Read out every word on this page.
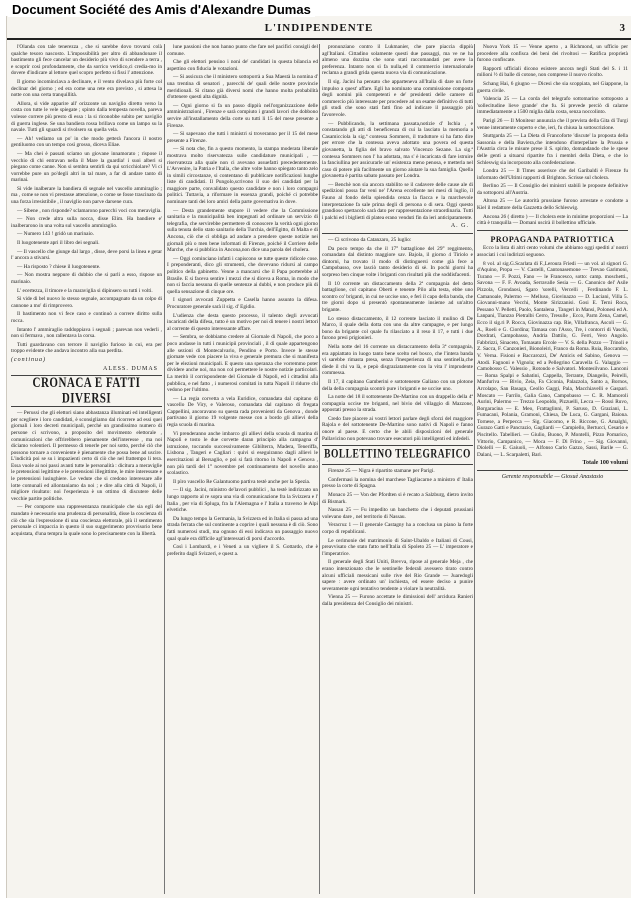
Document Société des Amis d'Alexandre Dumas
L'INDIPENDENTE	3

l'Olanda con tale tenerezza , che si sarebbe dovo trovarsi colà qualche tesoro nascosto. L'impossibilità per altro di abbandonare il bastimento gli fece cancelar un desiderio più vivo di scendere a terra , e scoprir cosi profondamente, che da sorrico veridico,ci credia-mo in dovere d'indicare al lettore quel scopro perfetto si fissi l' attenzione.

Il giorno incominciava a declinare, e il vento divelava più forte col declinar del giorno ; ed era come una rete era previsto , si attesa la notte con una certa tranquillità.

Allora, si vide apparire all' orizzonte un naviglio diretto verso la costa con tutte le vele spiegate ; spinto dalla tempesta novella, pareva volesse correre più presto di essa : la si riconobbe subito per naviglio di guerra inglese. Se una bandiera rossa brillava come un lampo su la navale. Tutti gli sguardi si rivolsero su quella vela.

— Ah! vediamo un po' in che modo getterà l'ancora il nostro gentiluomo con un tempo così grosso, diceva Eliae.

— Ma chei è passati sciamo un giovane innamorato ; rispose il vecchio di chi entravan nella il Mare la guardia! i suoi alberi si piegano come canne. Non si sembra sentirli da qui scricchiolare? Vi ci vorrebbe pure un po'degli altri in tal mare, a far di andare tanto di marinai.

Si vide inalberare la bandiera di segnale nel vascello ammiraglio ; ma , come se non vi prestasse attenzione, o come se fosse trascinato da una forza irresistibile , il naviglio non parve darsene cura.

— Sibene , non risponde? sclamarono parecchi voci con meraviglia.

— Non crede altra sulla nocca, disse Elim. Ha bandiere e' inalberarono in una volta sul vascello ammiraglio.

— Numero 143 ! gridò un marinaio.

Il luogotenente apri il libro dei segnali.

— Il vascello che giunge dal largo , disse, deve porsi la linea e getar l' ancora a stivarsi.

— Ha risposto ? chiese il luogotenente.

— Non mostra neppure di dubbio che si parli a esso, rispose un marinaio.

L' ecertezza, il timore e la maraviglia si dipinsero su tutti i volti.

Si vide di bel nuovo lo stesso segnale, accompagnato da un colpo di cannone a mo' di rimprovero.

Il bastimento non vi fece caso e continuò a correre diritto sulla rocca.

Intanto l' ammiraglio raddoppiava i segnali ; parevan non vederli , non si fermava , non rallentava la corsa.

Tutti guardavano con terrore il naviglio furioso in cui, era per troppo evidente che andava incontro alla sua perdita.

(continua)
ALESS. DUMAS
CRONACA E FATTI DIVERSI

— Perussi che gli elettori siano abbastanza illuminati ed intelligenti per scegliere i loro candidati, è sconsigliamo dal ricorrere ad essi quei giornali i loro decreti municipali, perché un grandissimo numero di persone ci scrivono, a proposito del movimento elettorale , comunicazioni che offrirebbero pienamente dell'interesse , ma noi diciamo volentieri. Il permesso di tenerle per noi sotto, perché ciò che possono tornare a conveniente è pienamente che possa bene ad uscire. L'indicità poi se su i impazienti certo di ciò che nel frattempo li tera. Essa vuole ai noi passi avanti tutte le personalità : dicitura a meraviglie le pretensioni legittime e le pretensioni illegittime, le mire interessate e le pretensioni lusinghiere. Le vedute che si credono interessare alle lotte comunali ed allontaniamo da noi ; e dire alla città di Napoli, il migliore risultato: noi l'esperienza è un ottimo di discutere delle vecchie partite politiche.

— Per comporre una rappresentanza municipale che sia egli del mandato è necessario una prudenza di personalità, disse la coscienza di ciò che sia l'espressione di una coscienza elettorale, più il sentimento personale ci impaccia in questo il suo suggerimento provvisorio bene acquistata, d'una tempra la quale sono lo precisamente con la libertà.

lune passioni che non hanno punto che fare nel pacifici consigli del comune.

Che gli elettori pensino i noni de' candidati in questa bilancia ed aspettino con fiducia le votazioni.

— Si assicura che il ministero sottoporrà a Sua Maestà la nomina d' una trentina di senatori , parecchi de' quali delle nostre provincie meridionali. Si citano già diversi nomi che hanno molta probabilità d'ottenere questi alta dignità.

— Ogni giorno si fa un passo dippiù nell'organizzazione delle amministrazioni , Firenze e sarà compiuto i grandi lavori che dobbono servire all'installamento della corte su tutti li 15 del mese presente a Firenze.

— Si sapevano che tutti i ministri si troveranno per il 15 del mese presente a Firenze.

— Si nota che, fin a questo momento, la stampa moderata liberale mostrava molto riservatezza sulle candidature municipali , — riservatezza alla quale non ci avevano assuefatti precedentemente. L'Avvenire, la Patria e l'Italia, che altre volte hanno spiegato tanto zelo in simili circostanze, si contentano di pubblicare notificazioni lunghe liste di candidati. Il Pungolo,scrivono il suo dei candidati per la maggiore parte, convalidato questo candidate e non i loro compagni politici. Tuttavia, a riformare in essenza grandi, poiché ci potrebbe nominare tanti dei loro amici della parte governativa in dove.

— Desta grandemente stupore il vedere che la Commissione sanitaria e la municipalità ben impegnati ad ordinare un servizio di telegrafia, che servirebbe permettere di conoscere la verità ogni giorno sulla tenuta dello stato sanitario della Turchia, dell'Egitto, di Malta e di Ancona, ciò che ci obbliga ad andare a prendere queste notizie nei giornali più o men bene informati di Firenze, poiché il Corriere delle Marche, che si pubblica in Ancona,non dice una parola del cholera.

— Oggi cominciano infatti i capiscono se tutte queste ridicole cose. I preponderanti, dico gli strumenti, che dovevano ridursi al campo politico della gabinetto. Venne a mancarsi che il Papa porterebbe al Brasile. E si faceva sentire i mezzi che si diceva a Roma, in modo che non si faccia nessuna di quelle sentenze ai dubbi, e non produce più di quella sensazione di cinque ore.

I signori avvocati Zuppetta e Casella hanno assunto la difesa. Procuratore generale sarà il sig. d' Egidio.

L'udienza che desta questo processo, il talento degli avvocati incaricati della difesa, tutto è un motivo per noi di tenere i nostri lettori al corrente di questo interessante affare.

— Sembra, se dobbiamo credere al Giornale di Napoli, che poco a poco andasse in tutti i municipii provinciali , il dì quale appartengono alle sezioni di Montecalvario, Pendino e Porto. Invece le stesse giornate vede con piacere la viva e generale premura che si manifesta per le elezioni municipali. E questo una speranza che vorremmo poter dividere anche noi, ma non col permettere le nostre notizie particolari. La meritò il corrispondente del Giornale di Napoli, ed i cittadini alla pubblica, e nel fatto , i numerosi comitati in tutta Napoli il ridurre chi vedono per l'ultimo.

— La regia corvetta a vela Euridice, comandata dal capitano di vascello De Viry, e Valeroso, comandata dal capitano di fregata Cappellini, ancoravano su questa rada provenienti da Genova , donde partivano il giorno 19 volgente messe con a bordo gli allievi della regia scuola di marina.

Vi prenderanno anche imbarco gli allievi della scuola di marina di Napoli e tosto le due corvette daran principio alla campagna d' istruzione, toccando successivamente Gibilterra, Madera, Teneriffa, Lisbona , Tangeri e Cagliari : quivi si eseguiranno dagli allievi le esercitazioni al Bersaglio, e poi si farà ritorno in Napoli e Genova , non più tardi del 1° novembre pel continuamento del novello anno scolastico.

Il pìro vascello Re Galantuomo partiva testè anche per la Spezia.

— Il sig. Jacini, ministro de'lavori pubblici , ha testè indirizzato un lungo rapporto al re sopra una via di comunicazione fra la Svizzera e l' Italia , per via di Spluga, fra la l'Alemagna e l' Italia a traverso le Alpi elvetiche.

Da lungo tempo la Germania, la Svizzera ed in Italia si passa ad una strada ferrata che sul continente a coprire i quali nessuna è di ciò. Sono fatti numerosi studi, ma ognuno di essi indicava un passaggio nuovo qual quale era difficile agl'interessati di porsi d'accordo.

Così i Lombardi, e i Veneti a un vigliere il S. Gottardo, che è preferito dagli Svizzeri, e quest a.

pronunziano contro il Lukmanier, che pare piaccia dippiù agl'Italiani. Cittadino solamente questi due passaggi, ma ve ne ha almeno una dozzina che sono stati raccomandati per avere la preferenza. Intanto non si fa nulla,ed il commercio internazionale reclama a grandi grida questa nuova via di comunicazione.

Il sig. Jacini ha pensato che apparteneva all'Italia di dare un forte impulso a quest' affare. Egli ha nominato una commissione composta degli uomini più competenti e de' presidenti delle camere di commercio più interessate per procedere ad un esame definitivo di tutti gli studi che sono stati fatti fino ad indicare il passaggio più favorevole.

— Pubblicando, la settimana passata,notizie d' Ischia , e constatando gli atti di beneficenza di cui la lasciato la memoria a Casamicciola la sig.ª contessa Sommers, il traduttore si ha fatto dire per errore che la contessa aveva adottato una povera ed questa giovanetta, la figlia del bravo salvato Vincenzo Sezane. La sig.ª contessa Sommers non l' ha adottata, ma s' è incaricata di fare istruire la fanciullina per assicurarle un' esistenza meno penosa, e metterla nel caso di potere più facilmente un giorno aiutare la sua famiglia. Quella giovanetta è partita sabato passato per Londra.

— Benchè non sia ancora stabilito se il cadavere delle cause ale di spedizioni possa far veni ne' l'Arena eccellente nei mesi di luglio, il Fauno al fondo della spiendida cenza la fiacca e la marchevole interpretazione fa sale prima degli di persona o di sera. Oggi questo grandioso spettacolo sarà dato per rappresentazione straordinaria. Tutti i palchi ed i biglietti di platea erano venduti fin da ieri anticipatamente.

A. G.

— Ci scrivono da Catanzaro, 25 luglio:

Da poco tempo da che il 17° battaglione del 29° reggimento, comandato dal distinto maggiore sav. Bajola, il giorno 4 Tiriolo e dintorni, ha trovato il modo di distinguersi come già fece a Campobasso, ove lasciò tanto desiderio di sè. In pochi giorni ha sorpreso ben cinque volte i briganti con risultati più che soddisfacenti.

Il 10 corrente un distaccamento della 2ª compagnia del detto battaglione, col capitano Oberti e tenente Pilo alla testa, ebbe uno scontro co' briganti, in cui ne uccise uno, e ferì il capo della banda, che tre giorni dopo si presentò spontaneamente insieme ad un'altro brigante.

Lo stesso distaccamento, il 12 corrente lasciato il mulino di De Marco, il quale della dotta con uno da altre campagne, e per lungo bono da brigante col quale fu rilasciato a il reso il 17, e tutti i due furono presi prigionieri.

Nella notte del 16 corrente un distaccamento della 3ª compagnia, era appiattato in luogo tanto bene scelto nel bosco, che l'intera banda vi sarebbe rimasta presa, senza l'inesperienza di una sentinella,che diede il chi va là, e pepò disgraziatamente con la vita l' imprudente commessa.

Il 17, il capitano Gamberini e sottotenente Galiano con un plotone della della compagnia scontrò pure i briganti e ne uccise uno.

La notte del 18 il sottotenente De-Martino con un drappello della 4ª compagnia uccise tre briganti, nel bivio del villaggio di Mazzone, appostati presso la strada.

Credo fare piacere ai vostri lettori parlare degli sforzi del maggiore Rajola e del sottotenente De-Martino sono nativi di Napoli e fanno onore al paese. E certo che le abili disposizioni del generale Pallavicino non potevano trovare esecutori più intelligenti ed infedeli.

BOLLETTINO TELEGRAFICO

Firenze 25 — Nigra è ripartito stamane per Parigi.

Confermasi la nomina del marchese Tagliacarne a ministro d' Italia presso la corte di Spagna.

Monaco 25 — Von der Pfordten si è recato a Salzburg, dietro invito di Bismark.

Nassau 25 — Fu impedito un banchetto che i deputati prussiani volevano dare , nel territorio di Nassau.

Veracruz 1 — Il generale Castagny ha a conclusa un piano la forte corpo di republicani.

Le cerimonie del matrimonio di Saint-Ubaldo e Italiani di Cousi, preavvisato che stato fatto nell'Italia di Spoleto 25 — L' imperatore e l'imperatrice.

Il generale degli Stati Uniti, Brevva, ripose al generale Meja , che erano intenzionato che le sentinelle federali avessero tirato contro alcuni ufficiali messicani sulle rive del Rio Grande — Juaredogli sapere : avere ordinato un' inchiesta, ed essere deciso a punire severamente ogni tentativo tendente a violare la neutralità.

Vienna 25 — Furono accettate le dimissioni dell' arciduca Ranieri dalla presidenza del Consiglio dei ministri.

Nuova York 15 — Venne aperto , a Richmond, un ufficio per procedere alla confisca dei beni dei rivoltosi — Ratifica proprietà furono confiscate.

Rapporti ufficiali dicono esistere ancora negli Stati del S. i 11 milioni ½ di balle di cotone, non comprese il nuovo ricolto.

Schang Hai, 6 giugno — Dicesi che sia scoppiata, nel Giappone, la guerra civile.

Valencia 25 — La corda del telegrafo sottomarino sottoposto a 'sollecitudine lieve grande' che fu. Si prevede perciò di calarne immediatamente a 1500 miglia dalla costa, senza noccolinto.

Parigi 26 — Il Moniteur annunzia che il prevista della Gita di Turgi venne interamente coperto e che, ieri, fu chiusa la sottoscrizione.

Stuttgarda 25 — La Dieta di Francoforte 'discute' la proposta della Sassonia e della Baviera,che intendono d'interpellare la Prussia e l'Austria circa le misure prese il S. spirito, domandando che le spese delle genti a situarsi ripartite fra i membri della Dieta, e che lo Schleswig sia incorporato alla confederazione.

Londra 25 — Il Times asserisce che del Garibaldi è Firenze fu informato dell'Ultimi rapporti di Brighton. Scrisse sul cholera.

Berlino 25 — Il Consiglio dei ministri stabilì le proposte definitive da sottoporsi all'Austria.

Altona 25 — Le autorità prussiane furono arrestate e condotte a Kiel il redattore della Gazzetta dello Schleswig.

Ancona 26 ( diretto ) — Il cholera este in minime proporzioni — La città è tranquilla — Domani uscirà il bollettino ufficiale.

PROPAGANDA PATRIOTTICA

Ecco la lista di altri cento volumi che abbiamo oggi spediti a' nostri associati i cui indirizzi seguono.

8 vol. al sig.G.Scarlata di F.,Leroura Friedi — un vol. al signori G. d'Aquino, Propa — V. Castelli, Cantonasemone — Trevao Garimoni, Turano — F. Pozzi, Fano — le Francesco, sotto: camp. moschetti., Savona — F. F. Avoada, Serravalle Sesia — G. Canonico del' Asile Pizzola, Grondaosi, Sgaro 'sorelli, Vercelli , Ferdinando F. L. Camanoale, Palermo — Melluso, Giovinazzo — D. Luciani, Villa 5. Giovanni-mano Vecchi, Monte Sirizzanisi. Gosi E. Terni Roca, Pessano V. Pelletti, Paolo, Santalena , Tangeri in Mansi, Polonesi ed A. Lanpani, Tianzzo Pietralbi Cerro, Tresulle , Ecco, Parm Zena, Camel, Ecco il sig.ri P. Rocca, Giovinazza cap. Rie, Villafranca, Ascoli — G. A., Roeli e G. Ciordina; Tamasa con l'Asso, Tre, i contorri di Vaschi, Dordrati, Campobasso, Andria Dattilo, G. Ferri, Vero Angolo. Fabbrizzi, Sinaceto, Tomasato Ercole — V. S. della Pozzo — Trinoli e Z. Sacca, F. Canzonieri, Bionoleiri, Franco da Roma. Ruia, Roccambo, V. Verna. Fisioni e Baccarozzi, De' Amicis ed Sabino, Genova — Atodi. Fagnoni e Vignola; ed a Pellegrino Caravella G. Valaggio — Camobosso C. Valessio , Rotondo e Salvatori. Montesilvano. Lanconi — Roma Spalpi e Sabatini, Cappella, Terrante, Diangelis, Peirelli, Manfuriva — Bivio, Zeia, Fa Ciconia, Palazzola, Santo a, Bornos, Arcolapo, San Basaga, Ceollo Gaggi, Pala, Macchiavelli e Gaspari. Moscato — Farrilo, Galia Gano, Campobasso — C. R. Mamoroli Aurini, Palermo — Trezzo Leopoldo, Pizzuelli, Lecca — Rossi Ruvo, Borgaracina — E. Meo, Frattaglinni, P. Saruso, D. Graziani, L. Fumacani, Polania, Gramoni, Chiesa, De Luca, G. Gargani, Baiona. Tornese, a Perpecca — Sig. Giacomo, e R. Riccone, G. Amalghi, Gurazo Gatti e Pancrazio, Gagliardi — Campiello, Bertucci, Cesario e Piscitello. Tabellieri. — Giulio, Buono, P. Montelli, Pizzo Pomarico, Vittorio, Campanico, — Moca — F. Di Frino , — Sig. Giovanni, Diolelli — E. Gaiuoli, — Alfonso Carlo Gazzo, Sassi, Barile — G. Dalani, — L. Scarpaletti, Bari.

Totale 100 volumi
Gerente responsabile — Giosuè Anastasio
